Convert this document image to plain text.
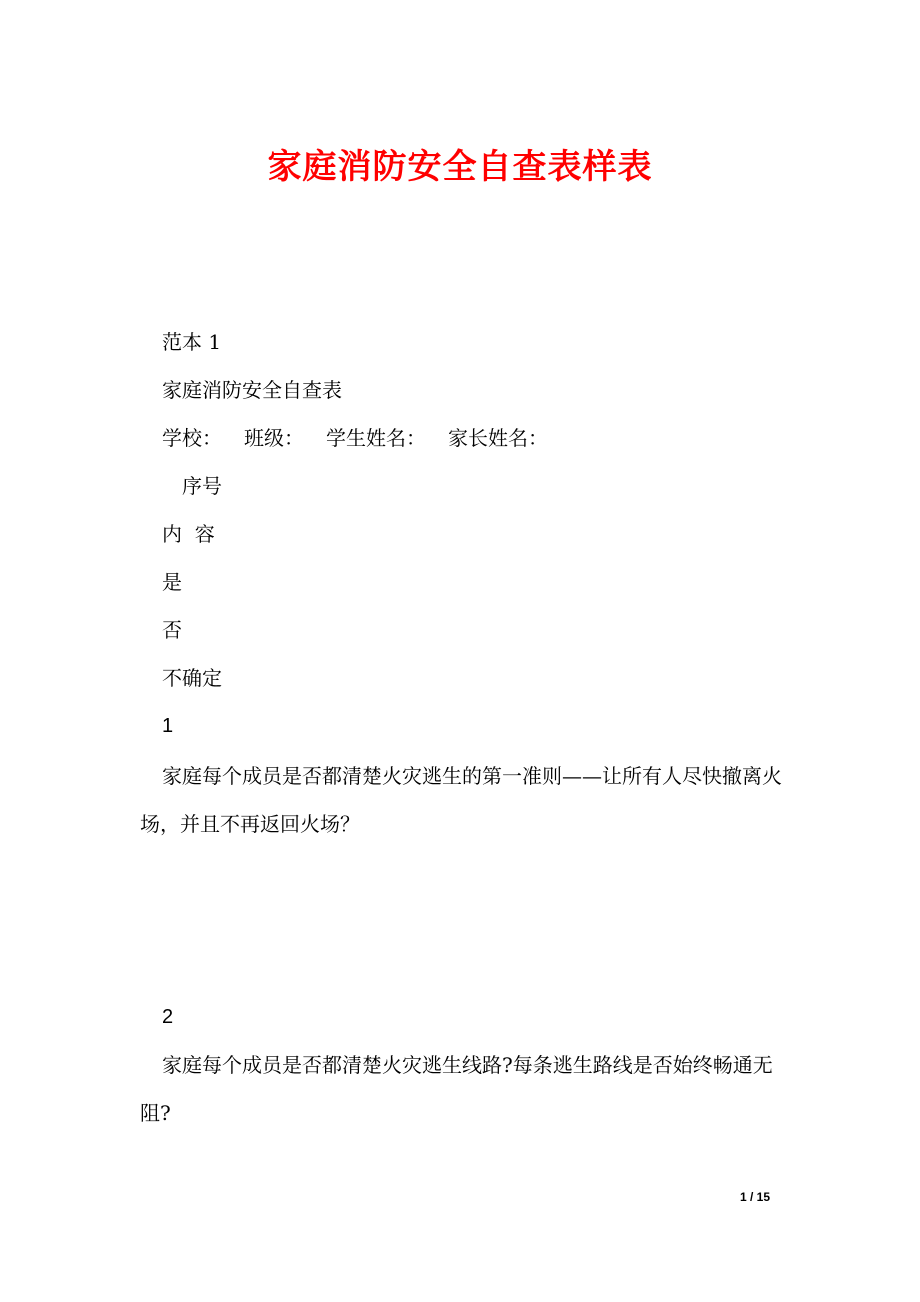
家庭消防安全自查表样表
范本 1
家庭消防安全自查表
学校： 班级： 学生姓名： 家长姓名：
序号
内  容
是
否
不确定
1
家庭每个成员是否都清楚火灾逃生的第一准则——让所有人尽快撤离火场，并且不再返回火场？
2
家庭每个成员是否都清楚火灾逃生线路?每条逃生路线是否始终畅通无阻?
1 / 15
